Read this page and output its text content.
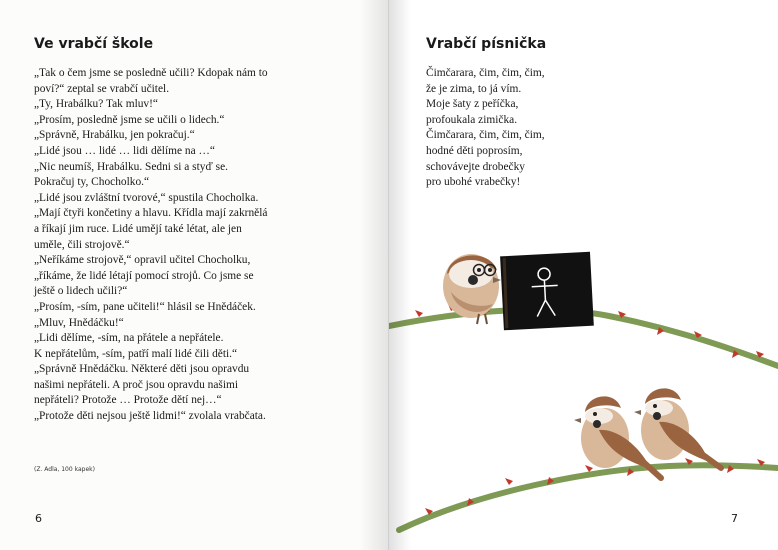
Ve vrabčí škole
„Tak o čem jsme se posledně učili? Kdopak nám to
poví?“ zeptal se vrabčí učitel.
„Ty, Hrabálku? Tak mluv!“
„Prosím, posledně jsme se učili o lidech.“
„Správně, Hrabálku, jen pokračuj.“
„Lidé jsou … lidé … lidi dělíme na …“
„Nic neumíš, Hrabálku. Sedni si a styď se.
Pokračuj ty, Chocholko.“
„Lidé jsou zvláštní tvorové,“ spustila Chocholka.
„Mají čtyři končetiny a hlavu. Křídla mají zakrnělá
a říkají jim ruce. Lidé umějí také létat, ale jen
uměle, čili strojově.“
„Neříkáme strojově,“ opravil učitel Chocholku,
„říkáme, že lidé létají pomocí strojů. Co jsme se
ještě o lidech učili?“
„Prosím, -sím, pane učiteli!“ hlásil se Hnědáček.
„Mluv, Hnědáčku!“
„Lidi dělíme, -sím, na přátele a nepřátele.
K nepřátelům, -sím, patří malí lidé čili děti.“
„Správně Hnědáčku. Některé děti jsou opravdu
našimi nepřáteli. A proč jsou opravdu našimi
nepřáteli? Protože … Protože dětí nej…“
„Protože děti nejsou ještě lidmi!“ zvolala vrabčata.
(Z. Adla, 100 kapek)
6
Vrabčí písnička
Čimčarara, čim, čim, čim,
že je zima, to já vím.
Moje šaty z peříčka,
profoukala zimička.
Čimčarara, čim, čim, čim,
hodné děti poprosím,
schovávejte drobečky
pro ubohé vrabečky!
7
